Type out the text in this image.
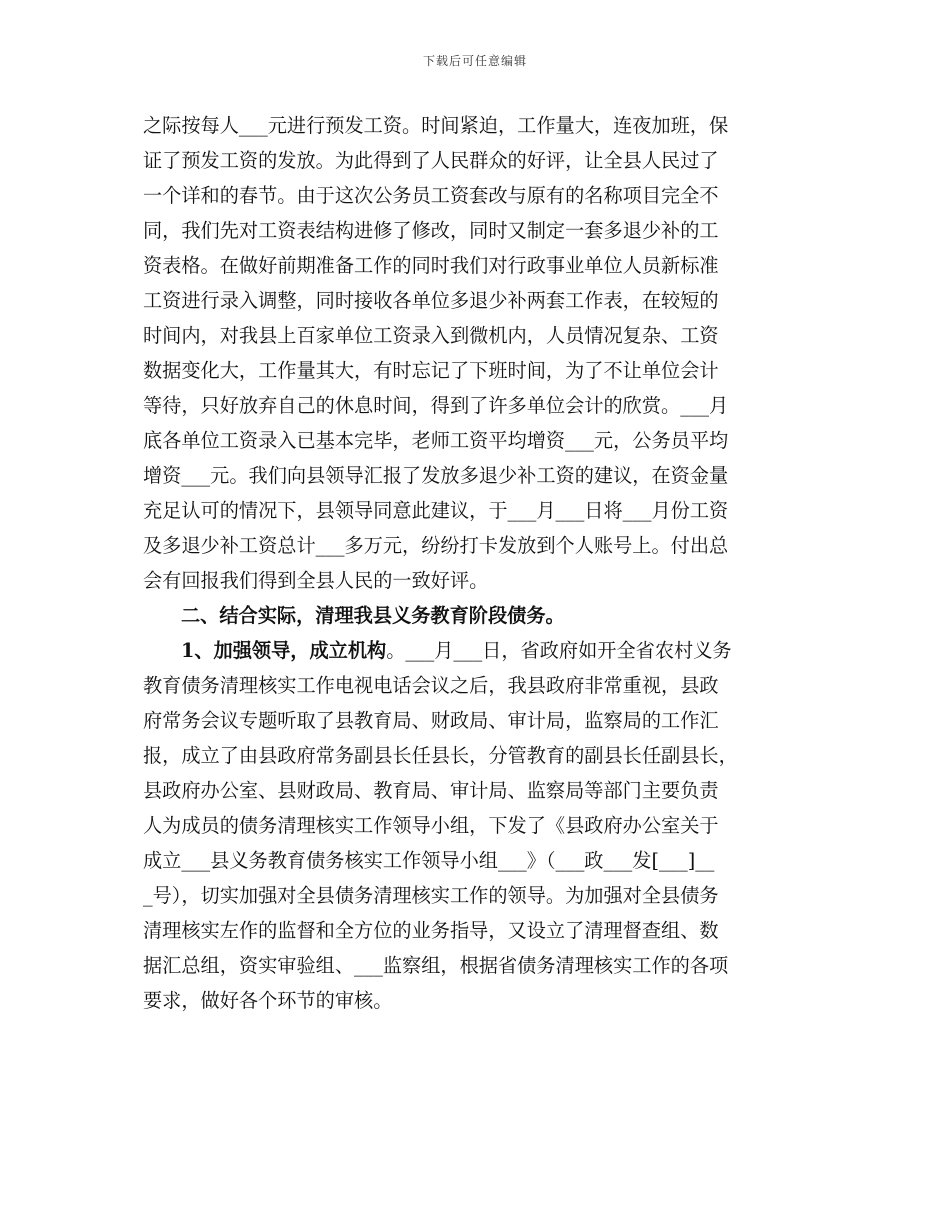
下载后可任意编辑
之际按每人___元进行预发工资。时间紧迫，工作量大，连夜加班，保
证了预发工资的发放。为此得到了人民群众的好评，让全县人民过了
一个详和的春节。由于这次公务员工资套改与原有的名称项目完全不
同，我们先对工资表结构进修了修改，同时又制定一套多退少补的工
资表格。在做好前期准备工作的同时我们对行政事业单位人员新标准
工资进行录入调整，同时接收各单位多退少补两套工作表，在较短的
时间内，对我县上百家单位工资录入到微机内，人员情况复杂、工资
数据变化大，工作量其大，有时忘记了下班时间，为了不让单位会计
等待，只好放弃自己的休息时间，得到了许多单位会计的欣赏。___月
底各单位工资录入已基本完毕，老师工资平均增资___元，公务员平均
增资___元。我们向县领导汇报了发放多退少补工资的建议，在资金量
充足认可的情况下，县领导同意此建议，于___月___日将___月份工资
及多退少补工资总计___多万元，纷纷打卡发放到个人账号上。付出总
会有回报我们得到全县人民的一致好评。
二、结合实际，清理我县义务教育阶段债务。
1、加强领导，成立机构。___月___日，省政府如开全省农村义务
教育债务清理核实工作电视电话会议之后，我县政府非常重视，县政
府常务会议专题听取了县教育局、财政局、审计局，监察局的工作汇
报，成立了由县政府常务副县长任县长，分管教育的副县长任副县长，
县政府办公室、县财政局、教育局、审计局、监察局等部门主要负责
人为成员的债务清理核实工作领导小组，下发了《县政府办公室关于
成立___县义务教育债务核实工作领导小组___》（___政___发[___]__
_号），切实加强对全县债务清理核实工作的领导。为加强对全县债务
清理核实左作的监督和全方位的业务指导，又设立了清理督查组、数
据汇总组，资实审验组、___监察组，根据省债务清理核实工作的各项
要求，做好各个环节的审核。
